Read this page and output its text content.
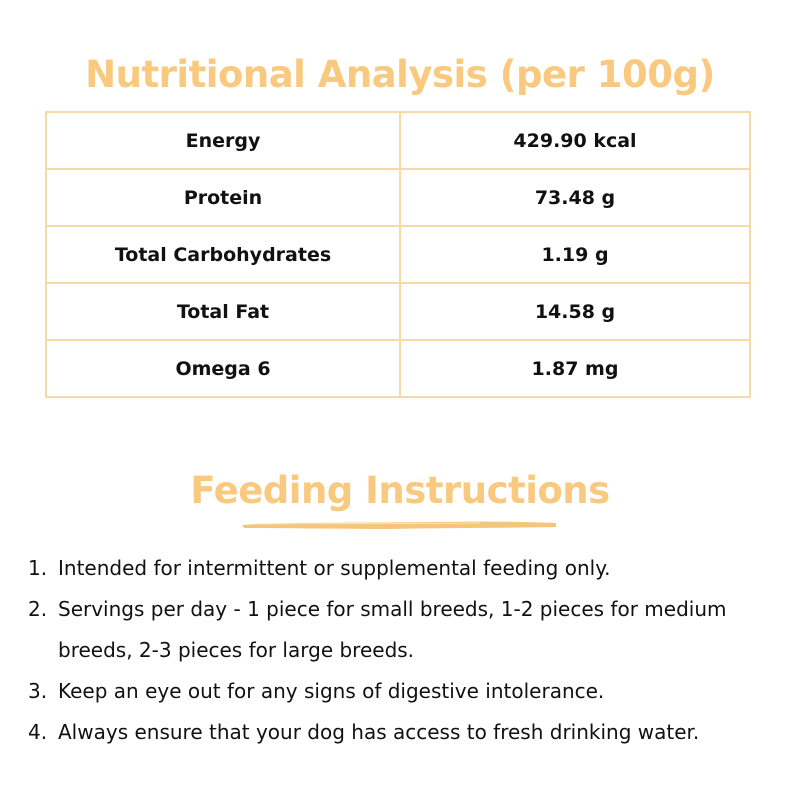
Nutritional Analysis (per 100g)
Energy	429.90 kcal
Protein	73.48 g
Total Carbohydrates	1.19 g
Total Fat	14.58 g
Omega 6	1.87 mg
Feeding Instructions
1. Intended for intermittent or supplemental feeding only.
2. Servings per day - 1 piece for small breeds, 1-2 pieces for medium breeds, 2-3 pieces for large breeds.
3. Keep an eye out for any signs of digestive intolerance.
4. Always ensure that your dog has access to fresh drinking water.
